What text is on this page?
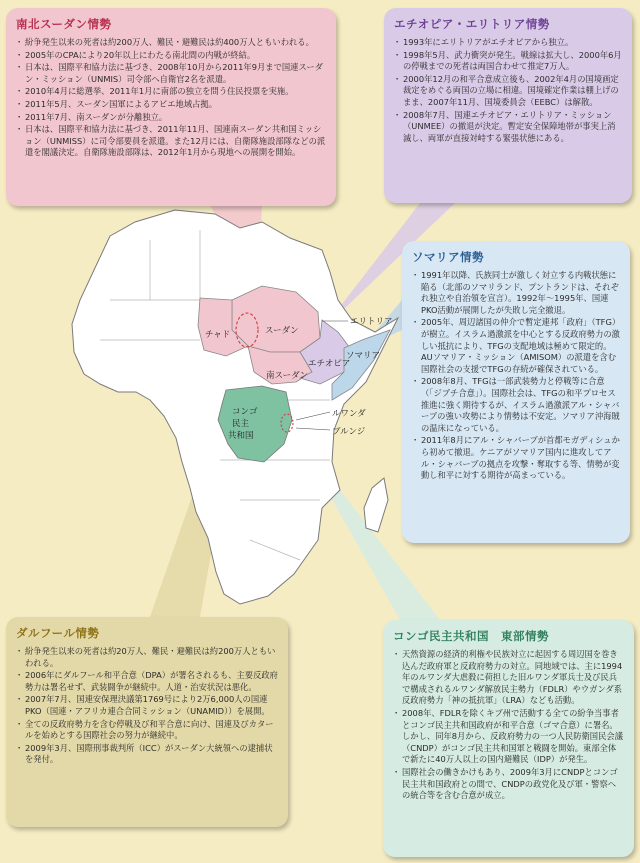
チャド	スーダン
南スーダン
エリトリア
エチオピア
ソマリア
コンゴ
民主
共和国
ルワンダ
ブルンジ
南北スーダン情勢
・ 紛争発生以来の死者は約200万人、難民・避難民は約400万人ともいわれる。
・ 2005年のCPAにより20年以上にわたる南北間の内戦が終結。
・ 日本は、国際平和協力法に基づき、2008年10月から2011年9月まで国連スーダン・ミッション（UNMIS）司令部へ自衛官2名を派遣。
・ 2010年4月に総選挙、2011年1月に南部の独立を問う住民投票を実施。
・ 2011年5月、スーダン国軍によるアビエ地域占拠。
・ 2011年7月、南スーダンが分離独立。
・ 日本は、国際平和協力法に基づき、2011年11月、国連南スーダン共和国ミッション（UNMISS）に司令部要員を派遣。また12月には、自衛隊施設部隊などの派遣を閣議決定。自衛隊施設部隊は、2012年1月から現地への展開を開始。
エチオピア・エリトリア情勢
・ 1993年にエリトリアがエチオピアから独立。
・ 1998年5月、武力衝突が発生。戦線は拡大し、2000年6月の停戦までの死者は両国合わせて推定7万人。
・ 2000年12月の和平合意成立後も、2002年4月の国境画定裁定をめぐる両国の立場に相違。国境確定作業は棚上げのまま、2007年11月、国境委員会（EEBC）は解散。
・ 2008年7月、国連エチオピア・エリトリア・ミッション（UNMEE）の撤退が決定。暫定安全保障地帯が事実上消滅し、両軍が直接対峙する緊張状態にある。
ソマリア情勢
・ 1991年以降、氏族同士が激しく対立する内戦状態に陥る（北部のソマリランド、プントランドは、それぞれ独立や自治領を宣言）。1992年〜1995年、国連PKO活動が展開したが失敗し完全撤退。
・ 2005年、周辺諸国の仲介で暫定連邦「政府」（TFG）が樹立。イスラム過激派を中心とする反政府勢力の激しい抵抗により、TFGの支配地域は極めて限定的。AUソマリア・ミッション（AMISOM）の派遣を含む国際社会の支援でTFGの存続が確保されている。
・ 2008年8月、TFGは一部武装勢力と停戦等に合意（「ジブチ合意」）。国際社会は、TFGの和平プロセス推進に強く期待するが、イスラム過激派アル・シャバーブの強い攻勢により情勢は不安定。ソマリア沖海賊の温床になっている。
・ 2011年8月にアル・シャバーブが首都モガディシュから初めて撤退。ケニアがソマリア国内に進攻してアル・シャバーブの拠点を攻撃・奪取する等、情勢が変動し和平に対する期待が高まっている。
ダルフール情勢
・ 紛争発生以来の死者は約20万人、難民・避難民は約200万人ともいわれる。
・ 2006年にダルフール和平合意（DPA）が署名されるも、主要反政府勢力は署名せず、武装闘争が継続中。人道・治安状況は悪化。
・ 2007年7月、国連安保理決議第1769号により2万6,000人の国連PKO（国連・アフリカ連合合同ミッション（UNAMID））を展開。
・ 全ての反政府勢力を含む停戦及び和平合意に向け、国連及びカタールを始めとする国際社会の努力が継続中。
・ 2009年3月、国際刑事裁判所（ICC）がスーダン大統領への逮捕状を発付。
コンゴ民主共和国　東部情勢
・ 天然資源の経済的利権や民族対立に起因する周辺国を巻き込んだ政府軍と反政府勢力の対立。同地域では、主に1994年のルワンダ大虐殺に荷担した旧ルワンダ軍兵士及び民兵で構成されるルワンダ解放民主勢力（FDLR）やウガンダ系反政府勢力「神の抵抗軍」（LRA）なども活動。
・ 2008年、FDLRを除くキブ州で活動する全ての紛争当事者とコンゴ民主共和国政府が和平合意（ゴマ合意）に署名。しかし、同年8月から、反政府勢力の一つ人民防衛国民会議（CNDP）がコンゴ民主共和国軍と戦闘を開始。東部全体で新たに40万人以上の国内避難民（IDP）が発生。
・ 国際社会の働きかけもあり、2009年3月にCNDPとコンゴ民主共和国政府との間で、CNDPの政党化及び軍・警察への統合等を含む合意が成立。
